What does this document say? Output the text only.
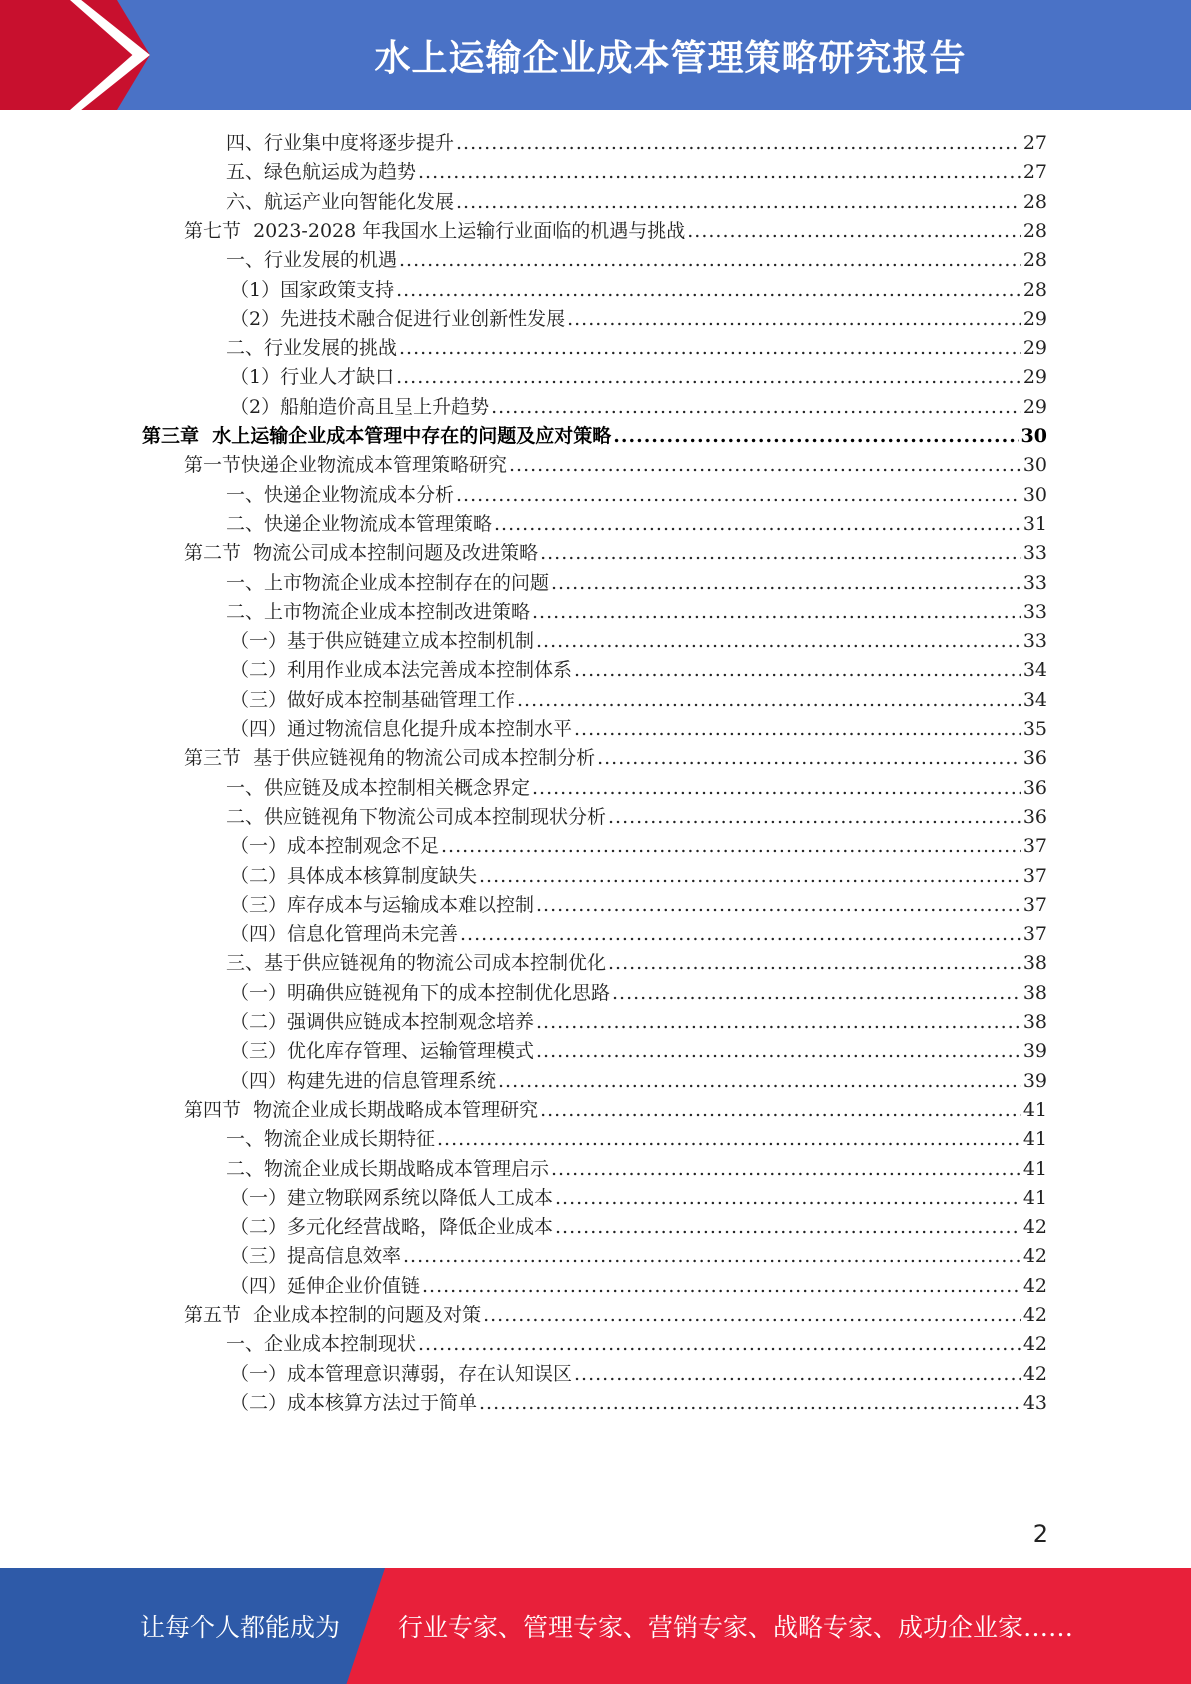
水上运输企业成本管理策略研究报告
四、行业集中度将逐步提升 .....	27
五、绿色航运成为趋势 .....	27
六、航运产业向智能化发展 .....	28
第七节  2023-2028 年我国水上运输行业面临的机遇与挑战 .....	28
一、行业发展的机遇 .....	28
（1）国家政策支持 .....	28
（2）先进技术融合促进行业创新性发展 .....	29
二、行业发展的挑战 .....	29
（1）行业人才缺口 .....	29
（2）船舶造价高且呈上升趋势 .....	29
第三章  水上运输企业成本管理中存在的问题及应对策略 .....	30
第一节快递企业物流成本管理策略研究 .....	30
一、快递企业物流成本分析 .....	30
二、快递企业物流成本管理策略 .....	31
第二节  物流公司成本控制问题及改进策略 .....	33
一、上市物流企业成本控制存在的问题 .....	33
二、上市物流企业成本控制改进策略 .....	33
（一）基于供应链建立成本控制机制 .....	33
（二）利用作业成本法完善成本控制体系 .....	34
（三）做好成本控制基础管理工作 .....	34
（四）通过物流信息化提升成本控制水平 .....	35
第三节  基于供应链视角的物流公司成本控制分析 .....	36
一、供应链及成本控制相关概念界定 .....	36
二、供应链视角下物流公司成本控制现状分析 .....	36
（一）成本控制观念不足 .....	37
（二）具体成本核算制度缺失 .....	37
（三）库存成本与运输成本难以控制 .....	37
（四）信息化管理尚未完善 .....	37
三、基于供应链视角的物流公司成本控制优化 .....	38
（一）明确供应链视角下的成本控制优化思路 .....	38
（二）强调供应链成本控制观念培养 .....	38
（三）优化库存管理、运输管理模式 .....	39
（四）构建先进的信息管理系统 .....	39
第四节  物流企业成长期战略成本管理研究 .....	41
一、物流企业成长期特征 .....	41
二、物流企业成长期战略成本管理启示 .....	41
（一）建立物联网系统以降低人工成本 .....	41
（二）多元化经营战略，降低企业成本 .....	42
（三）提高信息效率 .....	42
（四）延伸企业价值链 .....	42
第五节  企业成本控制的问题及对策 .....	42
一、企业成本控制现状 .....	42
（一）成本管理意识薄弱，存在认知误区 .....	42
（二）成本核算方法过于简单 .....	43
2
让每个人都能成为 行业专家、管理专家、营销专家、战略专家、成功企业家……
